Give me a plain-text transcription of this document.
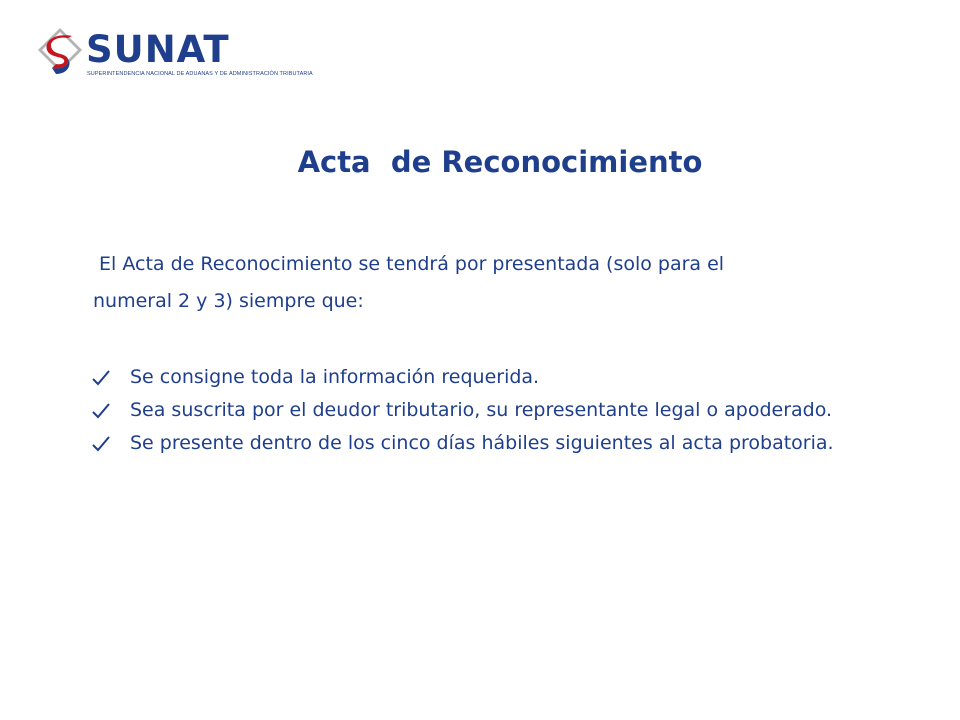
SUNAT
SUPERINTENDENCIA NACIONAL DE ADUANAS Y DE ADMINISTRACIÓN TRIBUTARIA
Acta  de Reconocimiento
El Acta de Reconocimiento se tendrá por presentada (solo para el
numeral 2 y 3) siempre que:
Se consigne toda la información requerida.
Sea suscrita por el deudor tributario, su representante legal o apoderado.
Se presente dentro de los cinco días hábiles siguientes al acta probatoria.
